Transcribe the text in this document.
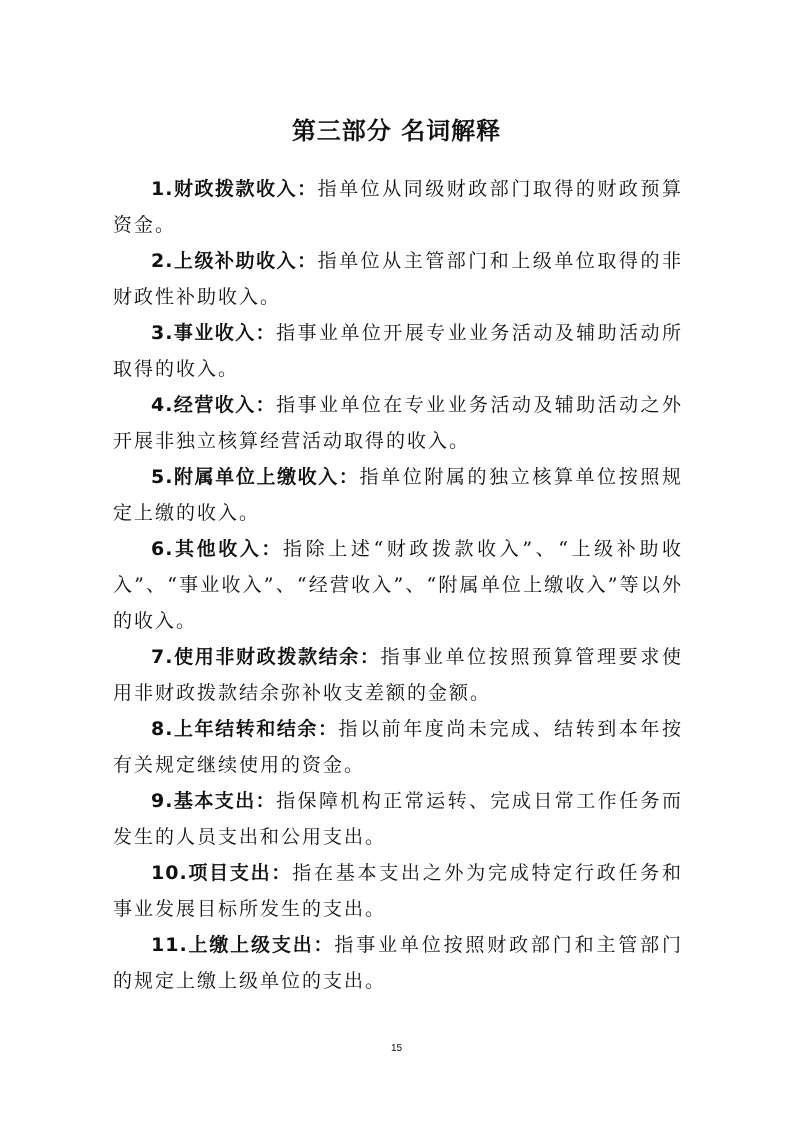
第三部分 名词解释

1.财政拨款收入：指单位从同级财政部门取得的财政预算资金。

2.上级补助收入：指单位从主管部门和上级单位取得的非财政性补助收入。

3.事业收入：指事业单位开展专业业务活动及辅助活动所取得的收入。

4.经营收入：指事业单位在专业业务活动及辅助活动之外开展非独立核算经营活动取得的收入。

5.附属单位上缴收入：指单位附属的独立核算单位按照规定上缴的收入。

6.其他收入：指除上述“财政拨款收入”、“上级补助收入”、“事业收入”、“经营收入”、“附属单位上缴收入”等以外的收入。

7.使用非财政拨款结余：指事业单位按照预算管理要求使用非财政拨款结余弥补收支差额的金额。

8.上年结转和结余：指以前年度尚未完成、结转到本年按有关规定继续使用的资金。

9.基本支出：指保障机构正常运转、完成日常工作任务而发生的人员支出和公用支出。

10.项目支出：指在基本支出之外为完成特定行政任务和事业发展目标所发生的支出。

11.上缴上级支出：指事业单位按照财政部门和主管部门的规定上缴上级单位的支出。

15
